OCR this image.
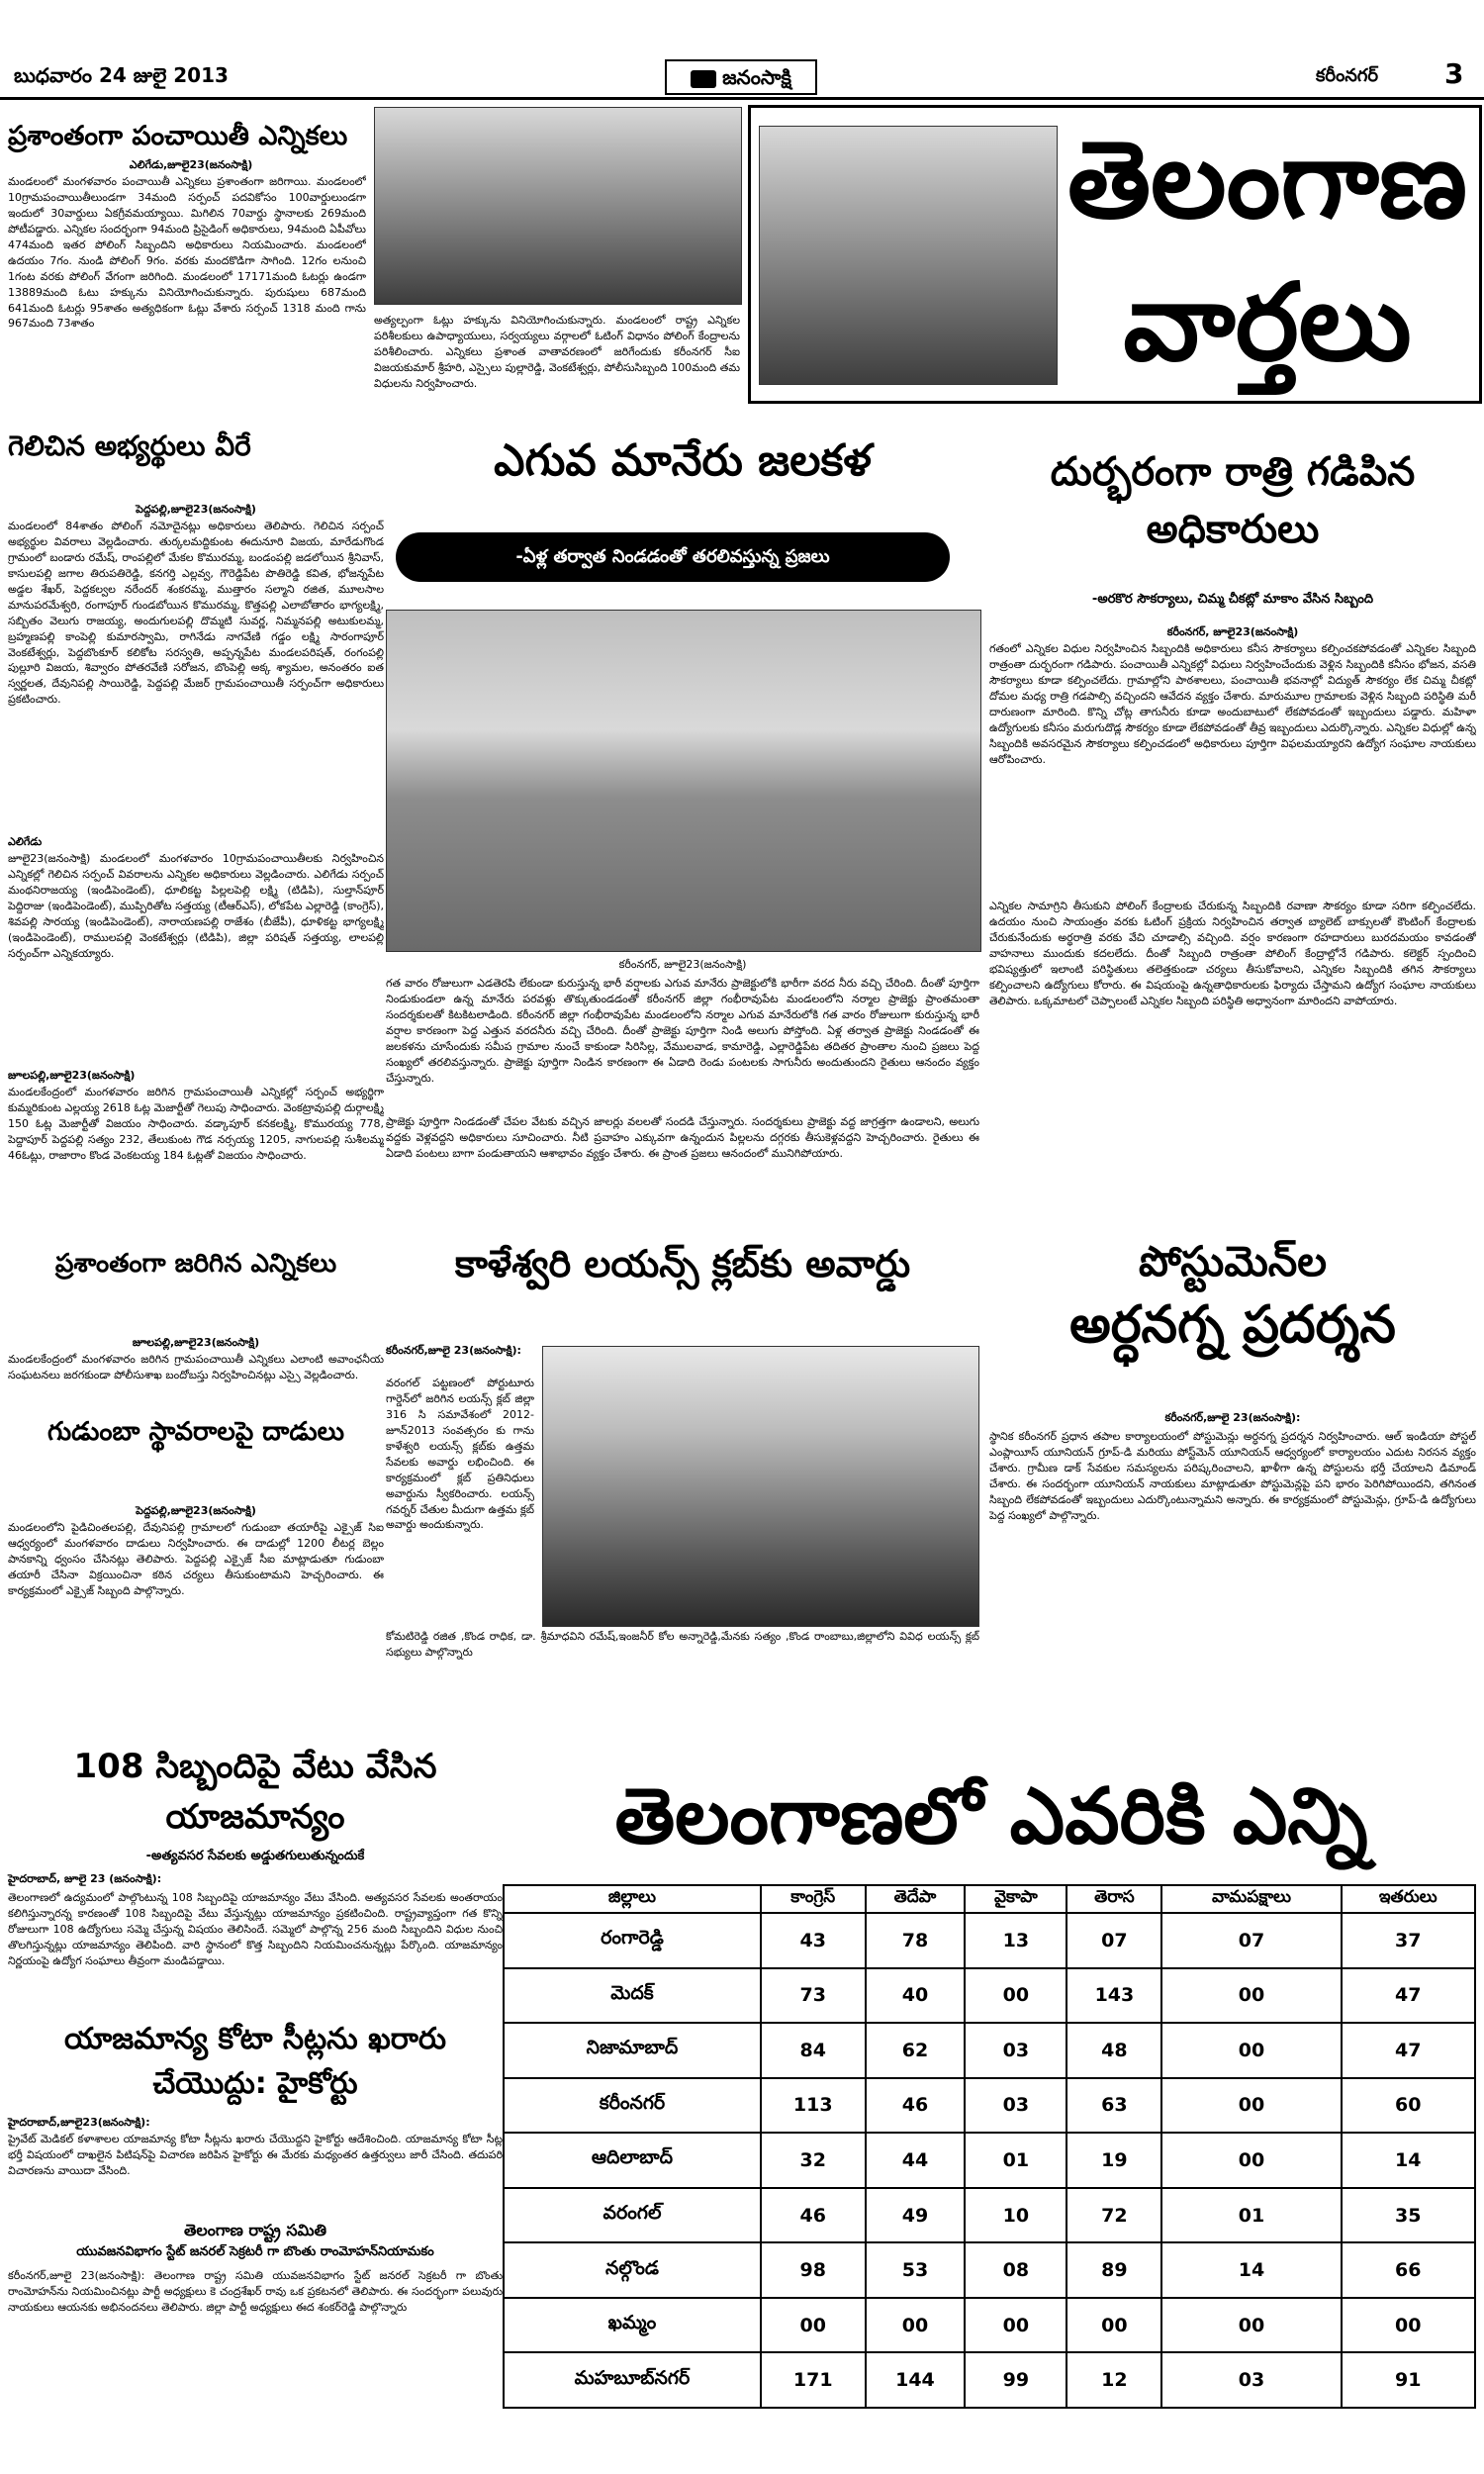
బుధవారం 24 జులై 2013	జనంసాక్షి	కరీంనగర్ 3
ప్రశాంతంగా పంచాయితీ ఎన్నికలు
ఎలిగేడు,జూలై23(జనంసాక్షి)
మండలంలో మంగళవారం పంచాయితీ ఎన్నికలు ప్రశాంతంగా జరిగాయి. మండలంలో 10గ్రామపంచాయితీలుండగా 34మంది సర్పంచ్ పదవికోసం 100వార్డులుండగా ఇందులో 30వార్డులు ఏకగ్రీవమయ్యాయి. మిగిలిన 70వార్డు స్థానాలకు 269మంది పోటీపడ్డారు. ఎన్నికల సందర్భంగా 94మంది ప్రిసైడింగ్ అధికారులు, 94మంది ఏపీవోలు 474మంది ఇతర పోలింగ్ సిబ్బందిని అధికారులు నియమించారు. మండలంలో ఉదయం 7గం. నుండి పోలింగ్ 9గం. వరకు మందకొడిగా సాగింది. 12గం లనుంచి 1గంట వరకు పోలింగ్ వేగంగా జరిగింది. మండలంలో 17171మంది ఓటర్లు ఉండగా 13889మంది ఓటు హక్కును వినియోగించుకున్నారు. పురుషులు 687మంది 641మంది ఓటర్లు 95శాతం అత్యధికంగా ఓట్లు వేశారు సర్పంచ్ 1318 మంది గాను 967మంది 73శాతం	అత్యల్పంగా ఓట్లు హక్కును వినియోగించుకున్నారు. మండలంలో రాష్ట్ర ఎన్నికల పరిశీలకులు ఉపాధ్యాయులు, సర్వయ్యలు వర్గాలలో ఓటింగ్ విధానం పోలింగ్ కేంద్రాలను పరిశీలించారు. ఎన్నికలు ప్రశాంత వాతావరణంలో జరిగేందుకు కరీంనగర్ సీఐ విజయకుమార్ శ్రీహరి, ఎస్సైలు పుల్లారెడ్డి, వెంకటేశ్వర్లు, పోలీసుసిబ్బంది 100మంది తమ విధులను నిర్వహించారు.
తెలంగాణ
వార్తలు
గెలిచిన అభ్యర్థులు వీరే
పెద్దపల్లి,జూలై23(జనంసాక్షి)
మండలంలో 84శాతం పోలింగ్ నమోదైనట్లు అధికారులు తెలిపారు. గెలిచిన సర్పంచ్ అభ్యర్థుల వివరాలు వెల్లడించారు. తుర్కలమద్దికుంట ఈదునూరి విజయ, మారేడుగొండ గ్రామంలో బండారు రమేష్, రాంపల్లిలో మేకల కొమురమ్మ, బండంపల్లి జడలోయిన శ్రీనివాస్, కాసులపల్లి జగాల తిరుపతిరెడ్డి, కనగర్తి ఎల్లవ్వ, గౌరెడ్డిపేట పొతిరెడ్డి కవిత, భోజన్నపేట అడ్డల శేఖర్, పెద్దకల్వల నరేందర్ శంకరమ్మ, ముత్తారం సల్మాని రజిత, మూలసాల మానుపరమేశ్వరి, రంగాపూర్ గుండబోయిన కొమురమ్మ, కొత్తపల్లి ఎలాబోతారం భాగ్యలక్ష్మి, సబ్బితం వెలుగు రాజయ్య, అందుగులపల్లి దొమ్మటి సువర్ణ, నిమ్మనపల్లి అటుకులమ్మ, బ్రహ్మణపల్లి కాంపెల్లి కుమారస్వామి, రాగినేడు నాగవేణి గడ్డం లక్ష్మి సారంగాపూర్ వెంకటేశ్వర్లు, పెద్దబొంకూర్ కలికోట సరస్వతి, అప్పన్నపేట మండలపరిషత్, రంగంపల్లి పుల్లూరి విజయ, శివ్వారం పోతరవేణి సరోజన, బొంపెల్లి అక్క శ్యామల, అనంతరం ఐత స్వర్ణలత, దేవునిపల్లి సాయిరెడ్డి, పెద్దపల్లి మేజర్ గ్రామపంచాయితీ సర్పంచ్‌గా అధికారులు ప్రకటించారు.
ఎలిగేడు
జూలై23(జనంసాక్షి) మండలంలో మంగళవారం 10గ్రామపంచాయితీలకు నిర్వహించిన ఎన్నికల్లో గెలిచిన సర్పంచ్ వివరాలను ఎన్నికల అధికారులు వెల్లడించారు. ఎలిగేడు సర్పంచ్ మంథనిరాజయ్య (ఇండిపెండెంట్), ధూలికట్ట పిల్లలపెల్లి లక్ష్మి (టిడిపి), సుల్తాన్‌పూర్ పెద్దిరాజు (ఇండిపెండెంట్), ముప్పిరితోట సత్తయ్య (టీఆర్ఎస్), లోకపేట ఎల్లారెడ్డి (కాంగ్రెస్), శివపల్లి సారయ్య (ఇండిపెండెంట్), నారాయణపల్లి రాజేశం (బీజేపీ), ధూళికట్ట భాగ్యలక్ష్మి (ఇండిపెండెంట్), రాములపల్లి వెంకటేశ్వర్లు (టిడిపి), జిల్లా పరిషత్ సత్తయ్య, లాలపల్లి సర్పంచ్‌గా ఎన్నికయ్యారు.
జూలపల్లి,జూలై23(జనంసాక్షి)
మండలకేంద్రంలో మంగళవారం జరిగిన గ్రామపంచాయితీ ఎన్నికల్లో సర్పంచ్ అభ్యర్థిగా కుమ్మరికుంట ఎల్లయ్య 2618 ఓట్ల మెజార్టీతో గెలుపు సాధించారు. వెంకట్రావుపల్లి దుర్గాలక్ష్మి 150 ఓట్ల మెజార్టీతో విజయం సాధించారు. వడ్కాపూర్ కనకలక్ష్మి, కొమురయ్య 778, పెద్దాపూర్ పెద్దపల్లి సత్యం 232, తేలుకుంట గౌడ నర్సయ్య 1205, నాగులపల్లి సుశీలమ్మ 46ఓట్లు, రాజారాం కొండ వెంకటయ్య 184 ఓట్లతో విజయం సాధించారు.
ప్రశాంతంగా జరిగిన ఎన్నికలు
జూలపల్లి,జూలై23(జనంసాక్షి)
మండలకేంద్రంలో మంగళవారం జరిగిన గ్రామపంచాయితీ ఎన్నికలు ఎలాంటి అవాంఛనీయ సంఘటనలు జరగకుండా పోలీసుశాఖ బందోబస్తు నిర్వహించినట్లు ఎస్సై వెల్లడించారు.
గుడుంబా స్థావరాలపై దాడులు
పెద్దపల్లి,జూలై23(జనంసాక్షి)
మండలంలోని పైడిచింతలపల్లి, దేవునిపల్లి గ్రామాలలో గుడుంబా తయారీపై ఎక్సైజ్ సిఐ ఆధ్వర్యంలో మంగళవారం దాడులు నిర్వహించారు. ఈ దాడుల్లో 1200 లీటర్ల బెల్లం పానకాన్ని ధ్వంసం చేసినట్లు తెలిపారు. పెద్దపల్లి ఎక్సైజ్ సీఐ మాట్లాడుతూ గుడుంబా తయారీ చేసినా విక్రయించినా కఠిన చర్యలు తీసుకుంటామని హెచ్చరించారు. ఈ కార్యక్రమంలో ఎక్సైజ్ సిబ్బంది పాల్గొన్నారు.
ఎగువ మానేరు జలకళ
-ఏళ్ల తర్వాత నిండడంతో తరలివస్తున్న ప్రజలు
కరీంనగర్, జూలై23(జనంసాక్షి)
గత వారం రోజులుగా ఎడతెరపి లేకుండా కురుస్తున్న భారీ వర్షాలకు ఎగువ మానేరు ప్రాజెక్టులోకి భారీగా వరద నీరు వచ్చి చేరింది. దీంతో పూర్తిగా నిండుకుండలా ఉన్న మానేరు పరవళ్లు తొక్కుతుండడంతో కరీంనగర్ జిల్లా గంభీరావుపేట మండలంలోని నర్మాల ప్రాజెక్టు ప్రాంతమంతా సందర్శకులతో కిటకిటలాడింది. కరీంనగర్ జిల్లా గంభీరావుపేట మండలంలోని నర్మాల ఎగువ మానేరులోకి గత వారం రోజులుగా కురుస్తున్న భారీ వర్షాల కారణంగా పెద్ద ఎత్తున వరదనీరు వచ్చి చేరింది. దీంతో ప్రాజెక్టు పూర్తిగా నిండి అలుగు పోస్తోంది. ఏళ్ల తర్వాత ప్రాజెక్టు నిండడంతో ఈ జలకళను చూసేందుకు సమీప గ్రామాల నుంచే కాకుండా సిరిసిల్ల, వేములవాడ, కామారెడ్డి, ఎల్లారెడ్డిపేట తదితర ప్రాంతాల నుంచి ప్రజలు పెద్ద సంఖ్యలో తరలివస్తున్నారు. ప్రాజెక్టు పూర్తిగా నిండిన కారణంగా ఈ ఏడాది రెండు పంటలకు సాగునీరు అందుతుందని రైతులు ఆనందం వ్యక్తం చేస్తున్నారు.
ప్రాజెక్టు పూర్తిగా నిండడంతో చేపల వేటకు వచ్చిన జాలర్లు వలలతో సందడి చేస్తున్నారు. సందర్శకులు ప్రాజెక్టు వద్ద జాగ్రత్తగా ఉండాలని, అలుగు వద్దకు వెళ్లవద్దని అధికారులు సూచించారు. నీటి ప్రవాహం ఎక్కువగా ఉన్నందున పిల్లలను దగ్గరకు తీసుకెళ్లవద్దని హెచ్చరించారు. రైతులు ఈ ఏడాది పంటలు బాగా పండుతాయని ఆశాభావం వ్యక్తం చేశారు. ఈ ప్రాంత ప్రజలు ఆనందంలో మునిగిపోయారు.
దుర్భరంగా రాత్రి గడిపిన అధికారులు
-అరకొర సౌకర్యాలు, చిమ్మ చీకట్లో మాకాం వేసిన సిబ్బంది
కరీంనగర్, జూలై23(జనంసాక్షి)
గతంలో ఎన్నికల విధుల నిర్వహించిన సిబ్బందికి అధికారులు కనీస సౌకర్యాలు కల్పించకపోవడంతో ఎన్నికల సిబ్బంది రాత్రంతా దుర్భరంగా గడిపారు. పంచాయితీ ఎన్నికల్లో విధులు నిర్వహించేందుకు వెళ్లిన సిబ్బందికి కనీసం భోజన, వసతి సౌకర్యాలు కూడా కల్పించలేదు. గ్రామాల్లోని పాఠశాలలు, పంచాయితీ భవనాల్లో విద్యుత్ సౌకర్యం లేక చిమ్మ చీకట్లో దోమల మధ్య రాత్రి గడపాల్సి వచ్చిందని ఆవేదన వ్యక్తం చేశారు. మారుమూల గ్రామాలకు వెళ్లిన సిబ్బంది పరిస్థితి మరీ దారుణంగా మారింది. కొన్ని చోట్ల తాగునీరు కూడా అందుబాటులో లేకపోవడంతో ఇబ్బందులు పడ్డారు. మహిళా ఉద్యోగులకు కనీసం మరుగుదొడ్ల సౌకర్యం కూడా లేకపోవడంతో తీవ్ర ఇబ్బందులు ఎదుర్కొన్నారు. ఎన్నికల విధుల్లో ఉన్న సిబ్బందికి అవసరమైన సౌకర్యాలు కల్పించడంలో అధికారులు పూర్తిగా విఫలమయ్యారని ఉద్యోగ సంఘాల నాయకులు ఆరోపించారు.
ఎన్నికల సామాగ్రిని తీసుకుని పోలింగ్ కేంద్రాలకు చేరుకున్న సిబ్బందికి రవాణా సౌకర్యం కూడా సరిగా కల్పించలేదు. ఉదయం నుంచి సాయంత్రం వరకు ఓటింగ్ ప్రక్రియ నిర్వహించిన తర్వాత బ్యాలెట్ బాక్సులతో కౌంటింగ్ కేంద్రాలకు చేరుకునేందుకు అర్థరాత్రి వరకు వేచి చూడాల్సి వచ్చింది. వర్షం కారణంగా రహదారులు బురదమయం కావడంతో వాహనాలు ముందుకు కదలలేదు. దీంతో సిబ్బంది రాత్రంతా పోలింగ్ కేంద్రాల్లోనే గడిపారు. కలెక్టర్ స్పందించి భవిష్యత్తులో ఇలాంటి పరిస్థితులు తలెత్తకుండా చర్యలు తీసుకోవాలని, ఎన్నికల సిబ్బందికి తగిన సౌకర్యాలు కల్పించాలని ఉద్యోగులు కోరారు. ఈ విషయంపై ఉన్నతాధికారులకు ఫిర్యాదు చేస్తామని ఉద్యోగ సంఘాల నాయకులు తెలిపారు. ఒక్కమాటలో చెప్పాలంటే ఎన్నికల సిబ్బంది పరిస్థితి అధ్వానంగా మారిందని వాపోయారు.
కాళేశ్వరి లయన్స్ క్లబ్‌కు అవార్డు
కరీంనగర్,జూలై 23(జనంసాక్షి):
వరంగల్ పట్టణంలో పోర్టుటూరు గార్డెన్‌లో జరిగిన లయన్స్ క్లబ్ జిల్లా 316 సి సమావేశంలో 2012-జూన్2013 సంవత్సరం కు గాను కాళేశ్వరి లయన్స్ క్లబ్‌కు ఉత్తమ సేవలకు అవార్డు లభించింది. ఈ కార్యక్రమంలో క్లబ్ ప్రతినిధులు అవార్డును స్వీకరించారు. లయన్స్ గవర్నర్ చేతుల మీదుగా ఉత్తమ క్లబ్ అవార్డు అందుకున్నారు.
కోమటిరెడ్డి రజిత ,కొండ రాధిక, డా. శ్రీమాధవిని రమేష్,ఇంజనీర్ కోల అన్నారెడ్డి,మేనకు సత్యం ,కొండ రాంబాబు,జిల్లాలోని వివిధ లయన్స్ క్లబ్ సభ్యులు పాల్గొన్నారు
పోస్టుమెన్‌ల
అర్ధనగ్న ప్రదర్శన
కరీంనగర్,జూలై 23(జనంసాక్షి):
స్థానిక కరీంనగర్ ప్రధాన తపాల కార్యాలయంలో పోస్టుమెన్లు అర్ధనగ్న ప్రదర్శన నిర్వహించారు. ఆల్ ఇండియా పోస్టల్ ఎంప్లాయీస్ యూనియన్ గ్రూప్-డి మరియు పోస్ట్‌మెన్ యూనియన్ ఆధ్వర్యంలో కార్యాలయం ఎదుట నిరసన వ్యక్తం చేశారు. గ్రామీణ డాక్ సేవకుల సమస్యలను పరిష్కరించాలని, ఖాళీగా ఉన్న పోస్టులను భర్తీ చేయాలని డిమాండ్ చేశారు. ఈ సందర్భంగా యూనియన్ నాయకులు మాట్లాడుతూ పోస్టుమెన్లపై పని భారం పెరిగిపోయిందని, తగినంత సిబ్బంది లేకపోవడంతో ఇబ్బందులు ఎదుర్కొంటున్నామని అన్నారు. ఈ కార్యక్రమంలో పోస్టుమెన్లు, గ్రూప్-డి ఉద్యోగులు పెద్ద సంఖ్యలో పాల్గొన్నారు.
108 సిబ్బందిపై వేటు వేసిన యాజమాన్యం
-అత్యవసర సేవలకు అడ్డుతగులుతున్నందుకే
హైదరాబాద్, జూలై 23 (జనంసాక్షి):
తెలంగాణలో ఉద్యమంలో పాల్గొంటున్న 108 సిబ్బందిపై యాజమాన్యం వేటు వేసింది. అత్యవసర సేవలకు అంతరాయం కలిగిస్తున్నారన్న కారణంతో 108 సిబ్బందిపై వేటు వేస్తున్నట్లు యాజమాన్యం ప్రకటించింది. రాష్ట్రవ్యాప్తంగా గత కొన్ని రోజులుగా 108 ఉద్యోగులు సమ్మె చేస్తున్న విషయం తెలిసిందే. సమ్మెలో పాల్గొన్న 256 మంది సిబ్బందిని విధుల నుంచి తొలగిస్తున్నట్లు యాజమాన్యం తెలిపింది. వారి స్థానంలో కొత్త సిబ్బందిని నియమించనున్నట్లు పేర్కొంది. యాజమాన్యం నిర్ణయంపై ఉద్యోగ సంఘాలు తీవ్రంగా మండిపడ్డాయి.
యాజమాన్య కోటా సీట్లను ఖరారు చేయొద్దు: హైకోర్టు
హైదరాబాద్,జూలై23(జనంసాక్షి):
ప్రైవేట్ మెడికల్ కళాశాలల యాజమాన్య కోటా సీట్లను ఖరారు చేయొద్దని హైకోర్టు ఆదేశించింది. యాజమాన్య కోటా సీట్ల భర్తీ విషయంలో దాఖలైన పిటిషన్‌పై విచారణ జరిపిన హైకోర్టు ఈ మేరకు మధ్యంతర ఉత్తర్వులు జారీ చేసింది. తదుపరి విచారణను వాయిదా వేసింది.
తెలంగాణ రాష్ట్ర సమితి
యువజనవిభాగం స్టేట్ జనరల్ సెక్రటరీ గా బొంతు రాంమోహన్‌నియామకం
కరీంనగర్,జూలై 23(జనంసాక్షి): తెలంగాణ రాష్ట్ర సమితి యువజనవిభాగం స్టేట్ జనరల్ సెక్రటరీ గా బొంతు రాంమోహన్‌ను నియమించినట్లు పార్టీ అధ్యక్షులు కె చంద్రశేఖర్ రావు ఒక ప్రకటనలో తెలిపారు. ఈ సందర్భంగా పలువురు నాయకులు ఆయనకు అభినందనలు తెలిపారు. జిల్లా పార్టీ అధ్యక్షులు ఈద శంకర్‌రెడ్డి పాల్గొన్నారు
తెలంగాణలో ఎవరికి ఎన్ని
జిల్లాలు	కాంగ్రెస్	తెదేపా	వైకాపా	తెరాస	వామపక్షాలు	ఇతరులు
రంగారెడ్డి	43	78	13	07	07	37
మెదక్	73	40	00	143	00	47
నిజామాబాద్	84	62	03	48	00	47
కరీంనగర్	113	46	03	63	00	60
ఆదిలాబాద్	32	44	01	19	00	14
వరంగల్	46	49	10	72	01	35
నల్గొండ	98	53	08	89	14	66
ఖమ్మం	00	00	00	00	00	00
మహబూబ్‌నగర్	171	144	99	12	03	91
